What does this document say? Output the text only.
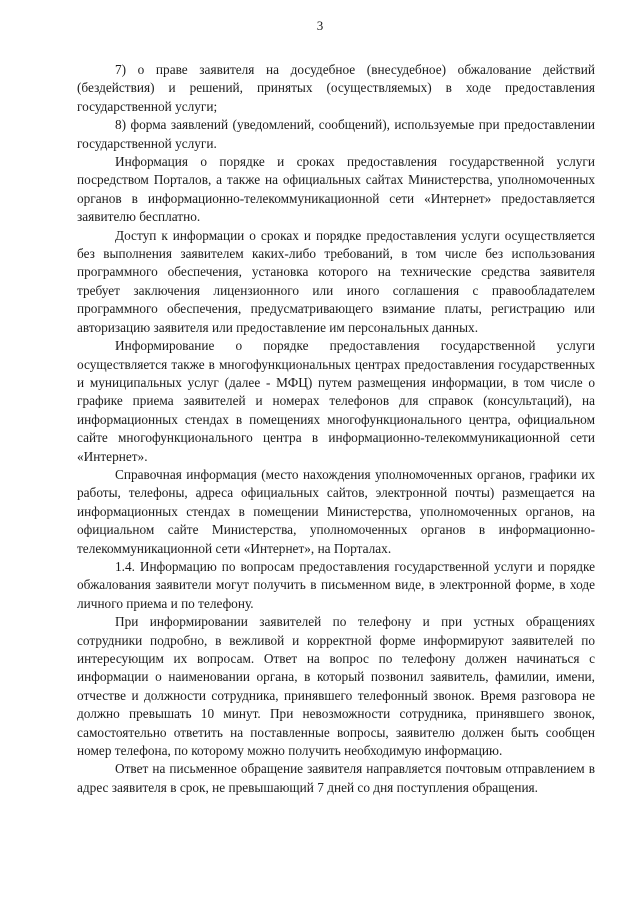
3

7) о праве заявителя на досудебное (внесудебное) обжалование действий (бездействия) и решений, принятых (осуществляемых) в ходе предоставления государственной услуги;

8) форма заявлений (уведомлений, сообщений), используемые при предоставлении государственной услуги.

Информация о порядке и сроках предоставления государственной услуги посредством Порталов, а также на официальных сайтах Министерства, уполномоченных органов в информационно-телекоммуникационной сети «Интернет» предоставляется заявителю бесплатно.

Доступ к информации о сроках и порядке предоставления услуги осуществляется без выполнения заявителем каких-либо требований, в том числе без использования программного обеспечения, установка которого на технические средства заявителя требует заключения лицензионного или иного соглашения с правообладателем программного обеспечения, предусматривающего взимание платы, регистрацию или авторизацию заявителя или предоставление им персональных данных.

Информирование о порядке предоставления государственной услуги осуществляется также в многофункциональных центрах предоставления государственных и муниципальных услуг (далее - МФЦ) путем размещения информации, в том числе о графике приема заявителей и номерах телефонов для справок (консультаций), на информационных стендах в помещениях многофункционального центра, официальном сайте многофункционального центра в информационно-телекоммуникационной сети «Интернет».

Справочная информация (место нахождения уполномоченных органов, графики их работы, телефоны, адреса официальных сайтов, электронной почты) размещается на информационных стендах в помещении Министерства, уполномоченных органов, на официальном сайте Министерства, уполномоченных органов в информационно-телекоммуникационной сети «Интернет», на Порталах.

1.4. Информацию по вопросам предоставления государственной услуги и порядке обжалования заявители могут получить в письменном виде, в электронной форме, в ходе личного приема и по телефону.

При информировании заявителей по телефону и при устных обращениях сотрудники подробно, в вежливой и корректной форме информируют заявителей по интересующим их вопросам. Ответ на вопрос по телефону должен начинаться с информации о наименовании органа, в который позвонил заявитель, фамилии, имени, отчестве и должности сотрудника, принявшего телефонный звонок. Время разговора не должно превышать 10 минут. При невозможности сотрудника, принявшего звонок, самостоятельно ответить на поставленные вопросы, заявителю должен быть сообщен номер телефона, по которому можно получить необходимую информацию.

Ответ на письменное обращение заявителя направляется почтовым отправлением в адрес заявителя в срок, не превышающий 7 дней со дня поступления обращения.
